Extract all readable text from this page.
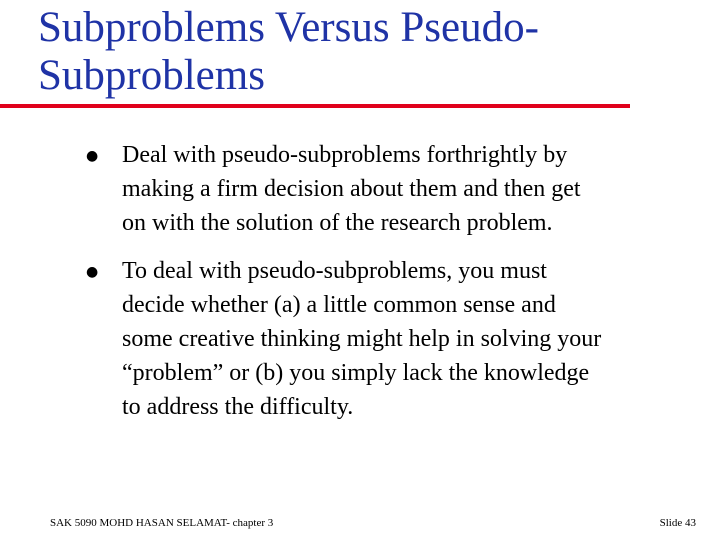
Subproblems Versus Pseudo-
Subproblems
● Deal with pseudo-subproblems forthrightly by
making a firm decision about them and then get
on with the solution of the research problem.
● To deal with pseudo-subproblems, you must
decide whether (a) a little common sense and
some creative thinking might help in solving your
“problem” or (b) you simply lack the knowledge
to address the difficulty.
SAK 5090 MOHD HASAN SELAMAT- chapter 3	Slide 43
